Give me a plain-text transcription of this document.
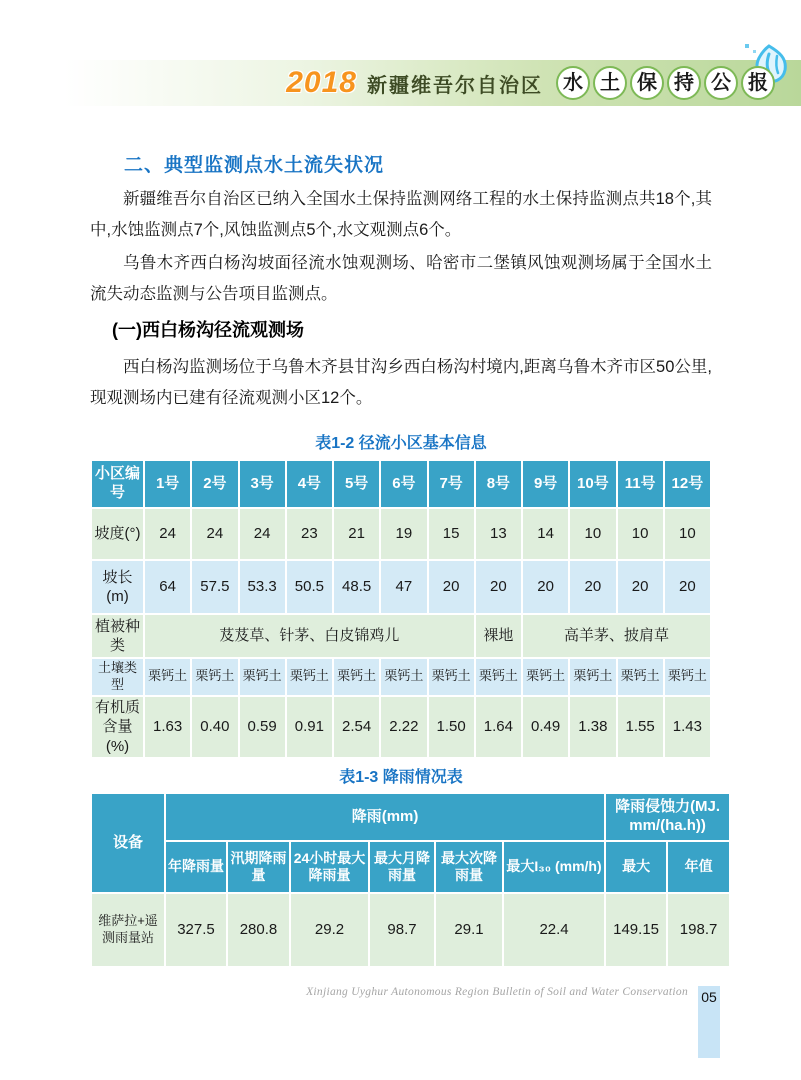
2018 新疆维吾尔自治区	水 土 保 持 公 报
二、典型监测点水土流失状况

新疆维吾尔自治区已纳入全国水土保持监测网络工程的水土保持监测点共18个,其中,水蚀监测点7个,风蚀监测点5个,水文观测点6个。

乌鲁木齐西白杨沟坡面径流水蚀观测场、哈密市二堡镇风蚀观测场属于全国水土流失动态监测与公告项目监测点。

(一)西白杨沟径流观测场

西白杨沟监测场位于乌鲁木齐县甘沟乡西白杨沟村境内,距离乌鲁木齐市区50公里,现观测场内已建有径流观测小区12个。

表1-2 径流小区基本信息
小区编号	1号	2号	3号	4号	5号	6号	7号	8号	9号	10号	11号	12号
坡度(°)	24	24	24	23	21	19	15	13	14	10	10	10
坡长(m)	64	57.5	53.3	50.5	48.5	47	20	20	20	20	20	20
植被种类	芨芨草、针茅、白皮锦鸡儿							裸地	高羊茅、披肩草			
土壤类型	栗钙土	栗钙土	栗钙土	栗钙土	栗钙土	栗钙土	栗钙土	栗钙土	栗钙土	栗钙土	栗钙土	栗钙土
有机质含量(%)	1.63	0.40	0.59	0.91	2.54	2.22	1.50	1.64	0.49	1.38	1.55	1.43
表1-3 降雨情况表
设备	降雨(mm)						降雨侵蚀力(MJ. mm/(ha.h))	
	年降雨量	汛期降雨量	24小时最大降雨量	最大月降雨量	最大次降雨量	最大I₃₀ (mm/h)	最大	年值
维萨拉+遥测雨量站	327.5	280.8	29.2	98.7	29.1	22.4	149.15	198.7
Xinjiang Uyghur Autonomous Region Bulletin of Soil and Water Conservation 05
